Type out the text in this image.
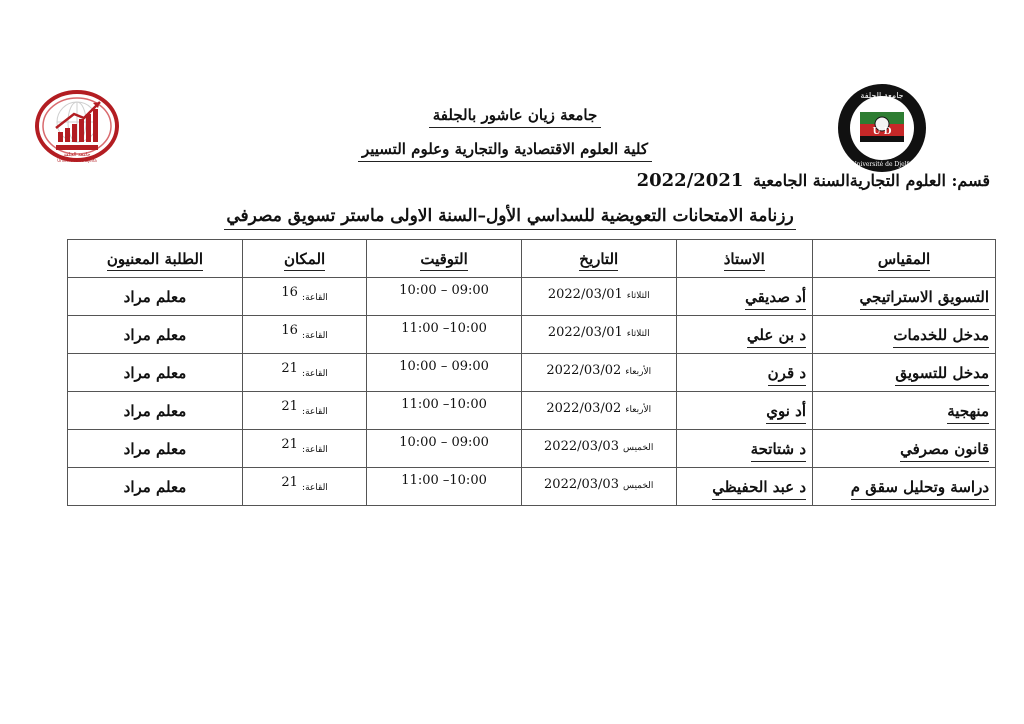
جامعة الجلفة
Université de Djelfa
جامعة الجلفة
U D
Université de Djelfa
جامعة زيان عاشور بالجلفة
كلية العلوم الاقتصادية والتجارية وعلوم التسيير
قسم: العلوم التجاريةالسنة الجامعية 2022/2021
رزنامة الامتحانات التعويضية للسداسي الأول–السنة الاولى ماستر تسويق مصرفي
المقياس	الاستاذ	التاريخ	التوقيت	المكان	الطلبة المعنيون
التسويق الاستراتيجي	أد صديقي	$^{الثلاثاء}$2022/03/01	10:00 – 09:00	القاعة: 16	معلم مراد
مدخل للخدمات	د بن علي	$^{الثلاثاء}$2022/03/01	11:00 –10:00	القاعة: 16	معلم مراد
مدخل للتسويق	د قرن	$^{الأربعاء}$2022/03/02	10:00 – 09:00	القاعة: 21	معلم مراد
منهجية	أد نوي	$^{الأربعاء}$2022/03/02	11:00 –10:00	القاعة: 21	معلم مراد
قانون مصرفي	د شتاتحة	$^{الخميس}$2022/03/03	10:00 – 09:00	القاعة: 21	معلم مراد
دراسة وتحليل سقق م	د عبد الحفيظي	$^{الخميس}$2022/03/03	11:00 –10:00	القاعة: 21	معلم مراد
